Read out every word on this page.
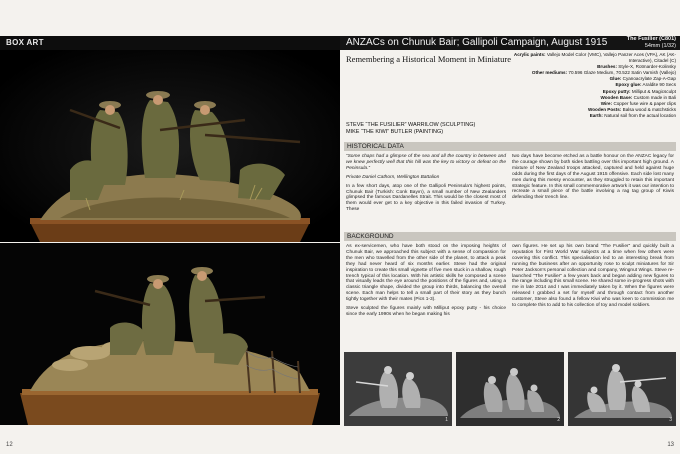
BOX ART
12
ANZACs on Chunuk Bair; Gallipoli Campaign, August 1915	The Fusilier (C801)
54mm (1/32)
Remembering a Historical Moment in Miniature
STEVE “THE FUSILIER” WARRILOW (SCULPTING)
MIKE “THE KIWI” BUTLER (PAINTING)
Acrylic paints: Vallejo Model Color (VMC), Vallejo Panzer Aces (VPA), AK (AK-Interactive), Citadel (C)
Brushes: Style-X, Rotmarder-Kolinsky
Other mediums: 70.596 Glaze Medium, 70.522 Satin Varnish (Vallejo)
Glue: Cyanoacrylate Zap-A-Gap
Epoxy glue: Araldite 90 Secs
Epoxy putty: Milliput & Magicsculpt
Wooden Base: Custom made in Bali
Wire: Copper fuse wire & paper clips
Wooden Posts: Balsa wood & matchsticks
Earth: Natural soil from the actual location
HISTORICAL DATA

“Some chaps had a glimpse of the sea and all the country in between and we knew perfectly well that this hill was the key to victory or defeat on the Peninsula.”

Private Daniel Cathorn, Wellington Battalion

In a few short days, atop one of the Gallipoli Peninsula's highest points, Chunuk Bair (Turkish: Conk Bayırı), a small number of New Zealanders glimpsed the famous Dardanelles Strait. This would be the closest most of them would ever get to a key objective in this failed invasion of Turkey. These

two days have become etched as a battle honour on the ANZAC legacy for the courage shown by both sides battling over this important high ground. A mixture of New Zealand troops attacked, captured and held against huge odds during the first days of the August 1915 offensive. Each side lost many men during this messy encounter, as they struggled to retain this important strategic feature. In this small commemorative artwork it was our intention to recreate a small piece of the battle involving a rag tag group of Kiwis defending their trench line.

BACKGROUND

As ex-servicemen, who have both stood on the imposing heights of Chunuk Bair, we approached this subject with a sense of compassion for the men who travelled from the other side of the planet, to attack a peak they had never heard of six months earlier. Steve had the original inspiration to create this small vignette of five men stuck in a shallow, rough trench typical of this location. With his artistic skills he composed a scene that visually leads the eye around the positions of the figures and, using a classic triangle shape, divided the group into thirds, balancing the overall scene. Each man helps to tell a small part of their story as they bunch tightly together with their mates (Pics 1-3).

Steve sculpted the figures mainly with Milliput epoxy putty - his choice since the early 1990s when he began making his

own figures. He set up his own brand “The Fusilier” and quickly built a reputation for First World War subjects at a time when few others were covering this conflict. This specialisation led to an interesting break from running the business after an opportunity rose to sculpt miniatures for Sir Peter Jackson's personal collection and company, Wingnut Wings. Steve re-launched “The Fusilier” a few years back and began adding new figures to the range including this small scene. He shared some in-progress shots with me in late 2014 and I was immediately taken by it. When the figures were released I grabbed a set for myself and through contact from another customer, Steve also found a fellow Kiwi who was keen to commission me to complete this to add to his collection of toy and model soldiers.

1	2	3
13
